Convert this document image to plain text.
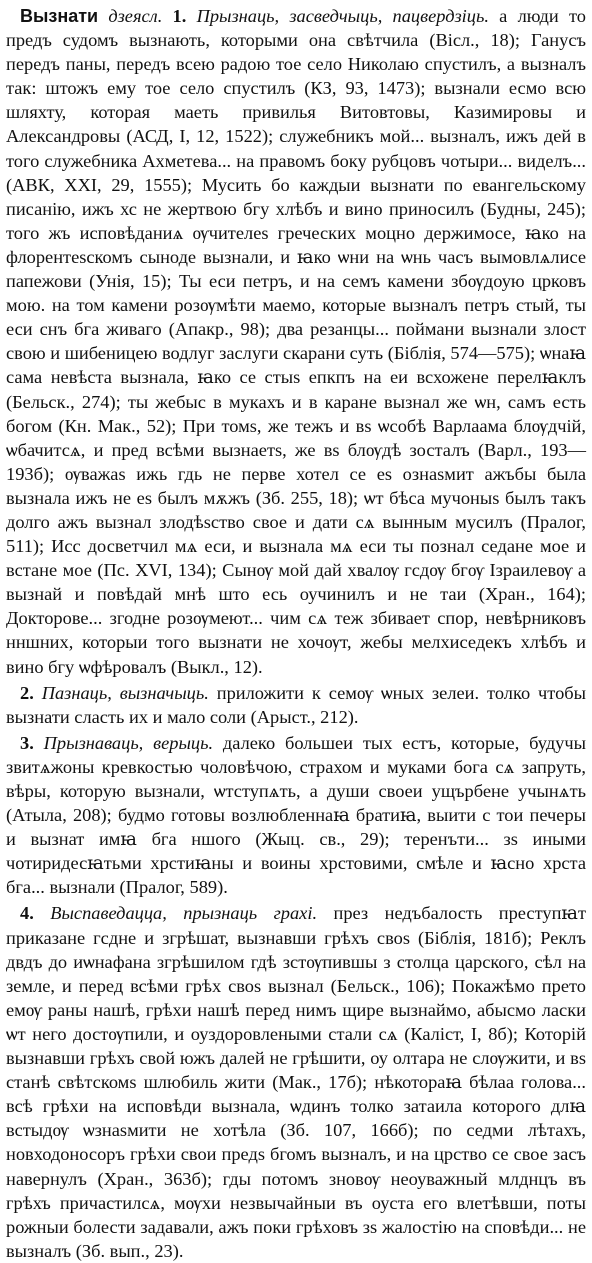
Вызнати дзеясл. 1. Прызнаць, засведчыць, пацвердзіць. а люди то предъ судомъ вызнають, которыми она свѣтчила (Вісл., 18); Ганусъ передъ паны, передъ всею радою тое село Николаю спустилъ, а вызналъ так: штожъ ему тое село спустилъ (КЗ, 93, 1473); вызнали есмо всю шляхту, которая маеть привилья Витовтовы, Казимировы и Александровы (АСД, I, 12, 1522); служебникъ мой... вызналъ, ижъ дей в того служебника Ахметева... на правомъ боку рубцовъ чотыри... виделъ... (АВК, XXI, 29, 1555); Мусить бо каждыи вызнати по евангельскому писанію, ижъ хс не жертвою бгу хлѣбъ и вино приносилъ (Будны, 245); того жъ исповѣданиѧ ѹчителеѕ греческих моцно держимосе, ꙗко на флорентеѕскомъ сыноде вызнали, и ꙗко ѡни на ѡнь часъ вымовлѧлисе папежови (Унія, 15); Ты еси петръ, и на семъ камени збѹдоую црковъ мою. на том камени розѹмѣти маемо, которые вызналъ петръ стый, ты еси снъ бга живаго (Апакр., 98); два резанцы... поймани вызнали злост свою и шибеницею водлуг заслуги скарани суть (Біблія, 574—575); ѡнаꙗ сама невѣста вызнала, ꙗко се стыѕ епкпъ на еи всхожене перелꙗклъ (Бельск., 274); ты жебыс в мукахъ и в каране вызнал же ѡн, самъ есть богом (Кн. Мак., 52); При томѕ, же тежъ и вѕ ѡсобѣ Варлаама блѹдчій, ѡбачитсѧ, и пред всѣми вызнаетѕ, же вѕ блѹдѣ зосталъ (Варл., 193—193б); ѹважаѕ ижь гдь не перве хотел се еѕ ознаѕмит ажъбы была вызнала ижъ не еѕ былъ мѫжъ (Зб. 255, 18); ѡт бѣса мучоныѕ былъ такъ долго ажъ вызнал злодѣѕство свое и дати сѧ вынным мусилъ (Пралог, 511); Исс досветчил мѧ еси, и вызнала мѧ еси ты познал седане мое и встане мое (Пс. XVI, 134); Сынѹ мой дай хвалѹ гсдѹ бгѹ Ізраилевѹ а вызнай и повѣдай мнѣ што есь оучинилъ и не таи (Хран., 164); Докторове... згодне розѹмеют... чим сѧ теж збивает спор, невѣрниковъ нншних, которыи того вызнати не хочѹт, жебы мелхиседекъ хлѣбъ и вино бгу ѡфѣровалъ (Выкл., 12).

2. Пазнаць, вызначыць. приложити к семѹ ѡных зелеи. толко чтобы вызнати сласть их и мало соли (Арыст., 212).

3. Прызнаваць, верыць. далеко большеи тых естъ, которые, будучы звитѧжоны кревкостью чоловѣчою, страхом и муками бога сѧ запруть, вѣры, которую вызнали, ѡтступѧть, а души своеи ущърбене учынѧть (Атыла, 208); будмо готовы возлюбленнаꙗ братиꙗ, выити с тои печеры и вызнат имꙗ бга ншого (Жыц. св., 29); теренъти... зѕ иными чотиридесꙗтьми хрстиꙗны и воины хрстовими, смѣле и ꙗсно хрста бга... вызнали (Пралог, 589).

4. Выспаведаццa, прызнаць грахі. през недъбалость преступꙗт приказане гсдне и згрѣшат, вызнавши грѣхъ своѕ (Біблія, 181б); Реклъ двдъ до иѡнафана згрѣшилом гдѣ зстѹпившы з столца царского, сѣл на земле, и перед всѣми грѣх своѕ вызнал (Бельск., 106); Покажѣмо прето емѹ раны нашѣ, грѣхи нашѣ перед нимъ щире вызнаймо, абысмо ласки ѡт него достѹпили, и оуздоровлеными стали сѧ (Каліст, I, 8б); Которій вызнавши грѣхъ свой южъ далей не грѣшити, оу олтара не слѹжити, и вѕ станѣ свѣтскомѕ шлюбиль жити (Мак., 17б); нѣкотораꙗ бѣлаа голова... всѣ грѣхи на исповѣди вызнала, ѡдинъ толко затаила которого длꙗ встыдѹ ѡзнаѕмити не хотѣла (Зб. 107, 166б); по седми лѣтахъ, новходоносоръ грѣхи свои предѕ бгомъ вызналъ, и на црство се свое засъ навернулъ (Хран., 363б); гды потомъ зновѹ неоуважный млднцъ въ грѣхъ причастилсѧ, мѹхи незвычайныи въ оуста его влетѣвши, поты рожныи болести задавали, ажъ поки грѣховъ зѕ жалостію на сповѣди... не вызналъ (Зб. вып., 23).
